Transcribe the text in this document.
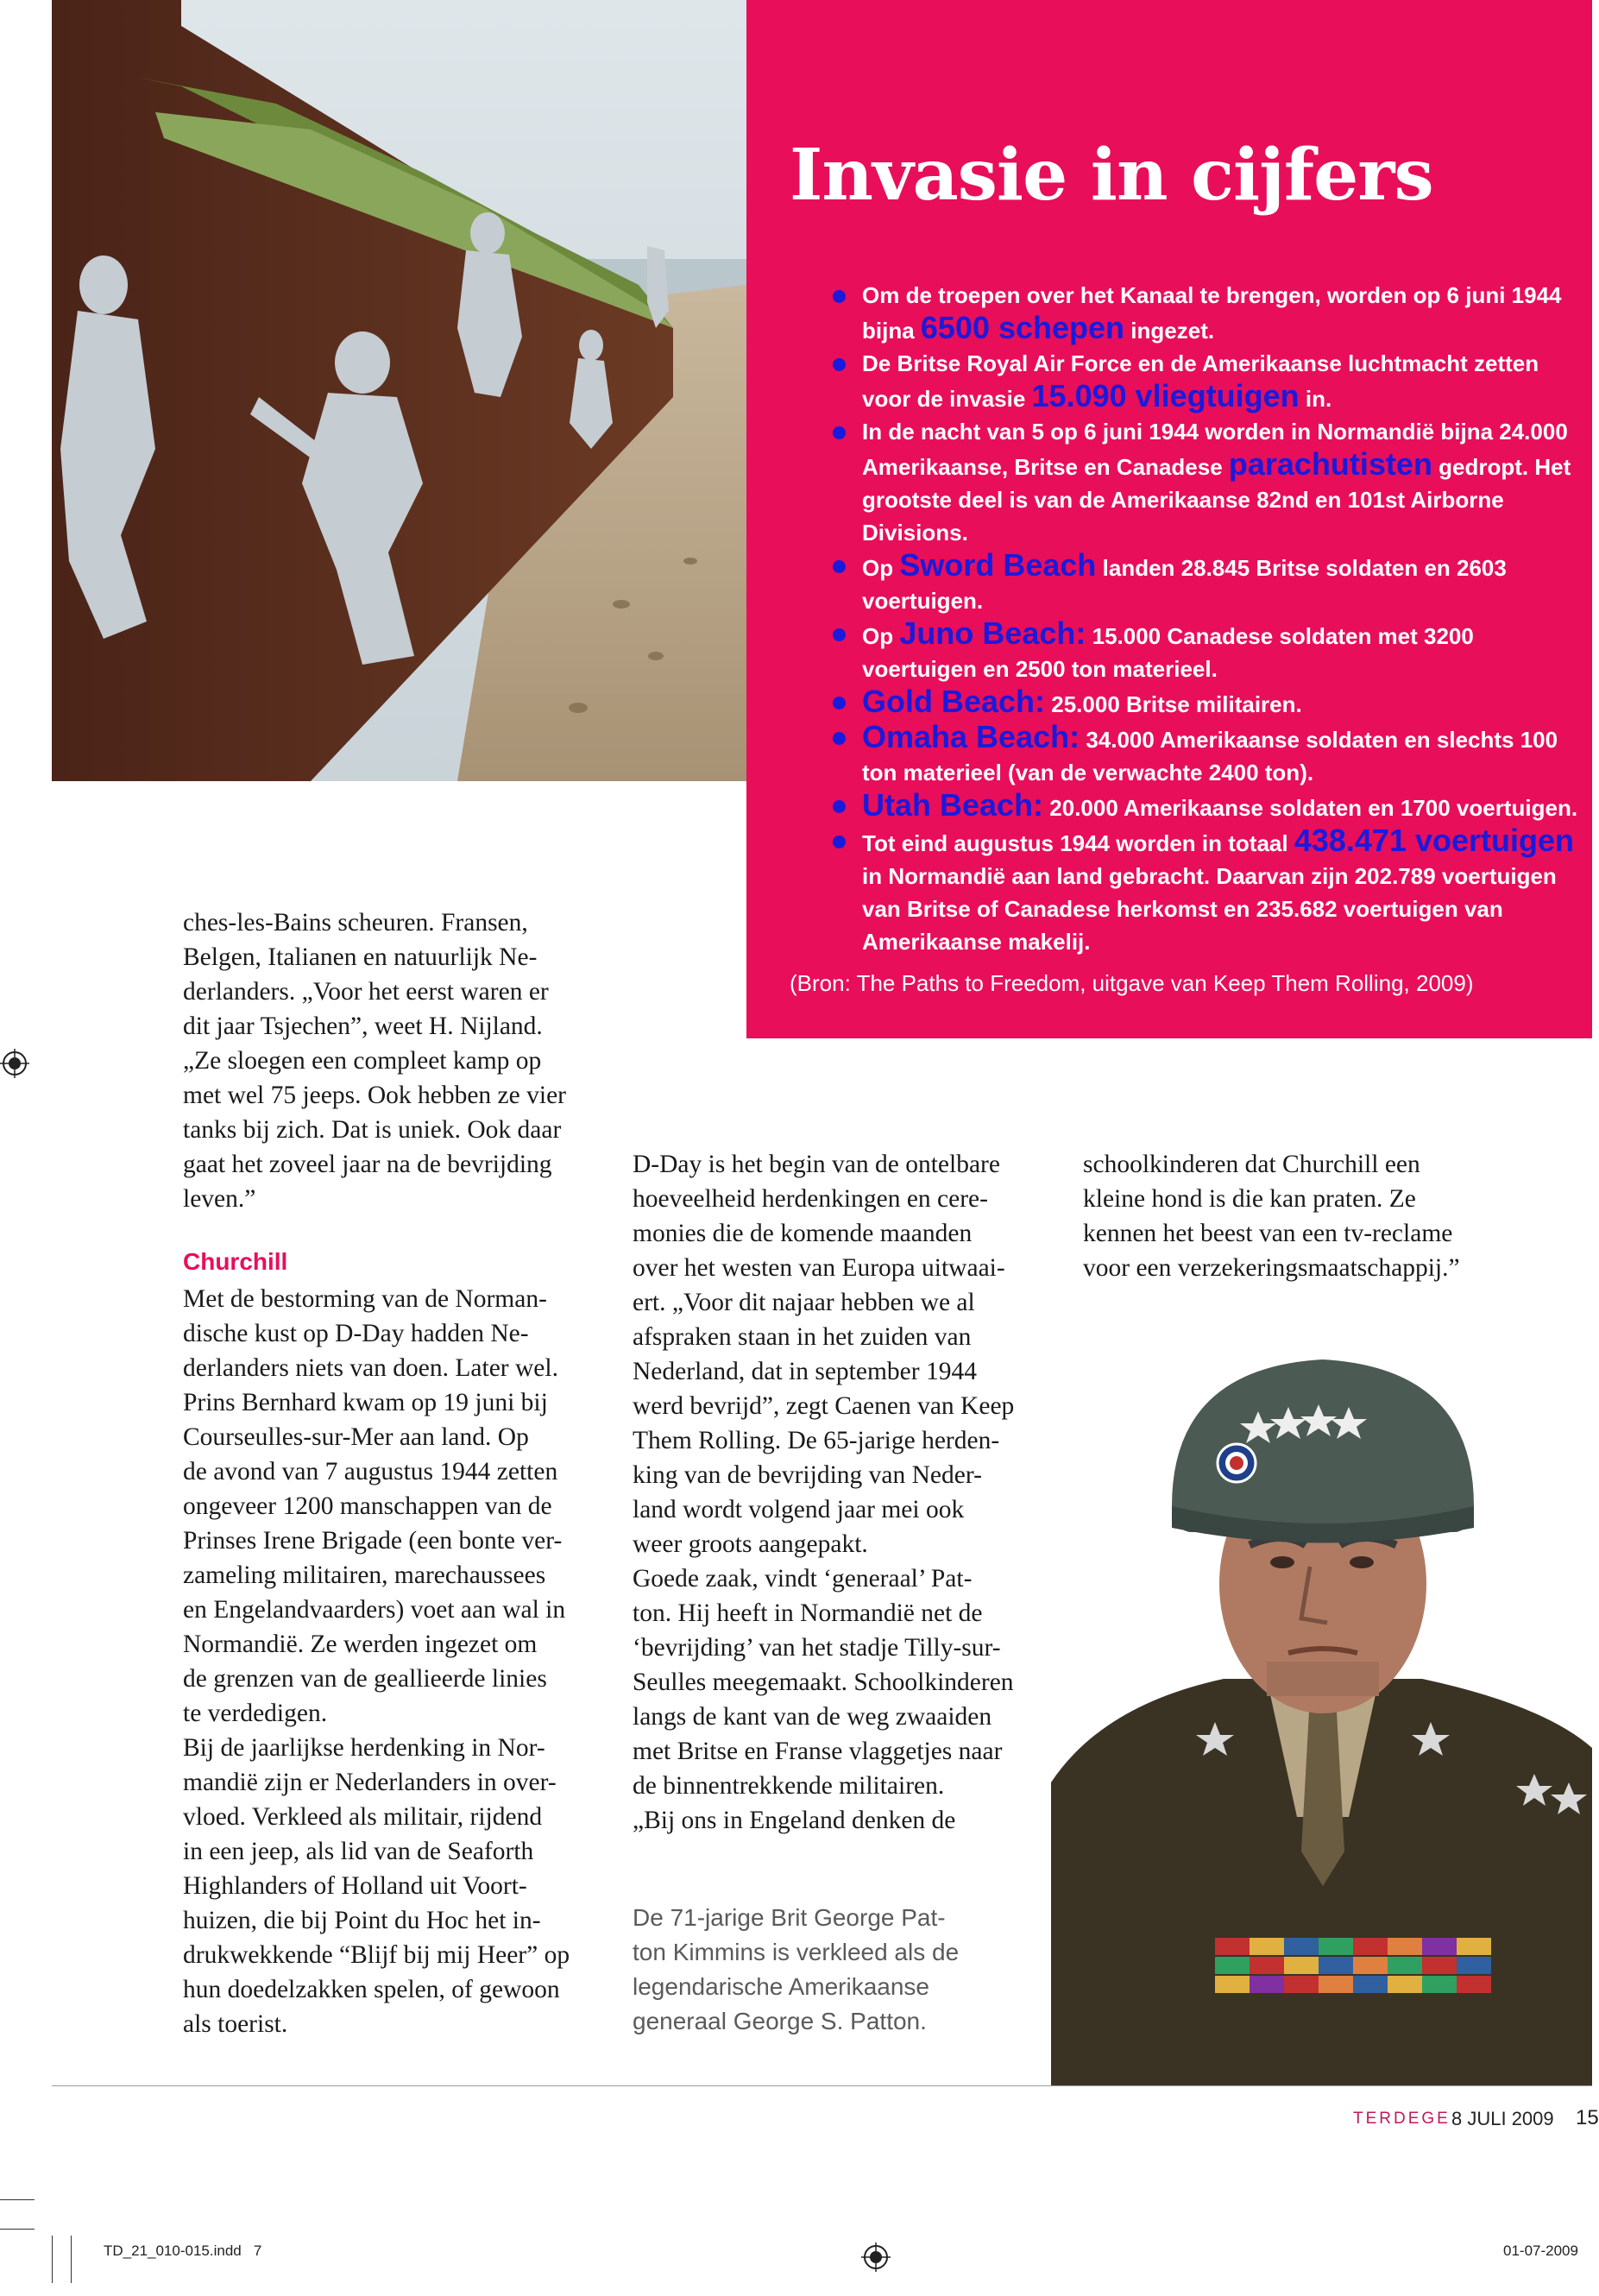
Invasie in cijfers
Om de troepen over het Kanaal te brengen, worden op 6 juni 1944 bijna 6500 schepen ingezet.
De Britse Royal Air Force en de Amerikaanse luchtmacht zetten voor de invasie 15.090 vliegtuigen in.
In de nacht van 5 op 6 juni 1944 worden in Normandië bijna 24.000 Amerikaanse, Britse en Canadese parachutisten gedropt. Het grootste deel is van de Amerikaanse 82nd en 101st Airborne Divisions.
Op Sword Beach landen 28.845 Britse soldaten en 2603 voertuigen.
Op Juno Beach: 15.000 Canadese soldaten met 3200 voertuigen en 2500 ton materieel.
Gold Beach: 25.000 Britse militairen.
Omaha Beach: 34.000 Amerikaanse soldaten en slechts 100 ton materieel (van de verwachte 2400 ton).
Utah Beach: 20.000 Amerikaanse soldaten en 1700 voertuigen.
Tot eind augustus 1944 worden in totaal 438.471 voertuigen in Normandië aan land gebracht. Daarvan zijn 202.789 voertuigen van Britse of Canadese herkomst en 235.682 voertuigen van Amerikaanse makelij.
(Bron: The Paths to Freedom, uitgave van Keep Them Rolling, 2009)

ches-les-Bains scheuren. Fransen,
Belgen, Italianen en natuurlijk Ne-
derlanders. „Voor het eerst waren er
dit jaar Tsjechen”, weet H. Nijland.
„Ze sloegen een compleet kamp op
met wel 75 jeeps. Ook hebben ze vier
tanks bij zich. Dat is uniek. Ook daar
gaat het zoveel jaar na de bevrijding
leven.”

Churchill

Met de bestorming van de Norman-
dische kust op D-Day hadden Ne-
derlanders niets van doen. Later wel.
Prins Bernhard kwam op 19 juni bij
Courseulles-sur-Mer aan land. Op
de avond van 7 augustus 1944 zetten
ongeveer 1200 manschappen van de
Prinses Irene Brigade (een bonte ver-
zameling militairen, marechaussees
en Engelandvaarders) voet aan wal in
Normandië. Ze werden ingezet om
de grenzen van de geallieerde linies
te verdedigen.
Bij de jaarlijkse herdenking in Nor-
mandië zijn er Nederlanders in over-
vloed. Verkleed als militair, rijdend
in een jeep, als lid van de Seaforth
Highlanders of Holland uit Voort-
huizen, die bij Point du Hoc het in-
drukwekkende “Blijf bij mij Heer” op
hun doedelzakken spelen, of gewoon
als toerist.

D-Day is het begin van de ontelbare
hoeveelheid herdenkingen en cere-
monies die de komende maanden
over het westen van Europa uitwaai-
ert. „Voor dit najaar hebben we al
afspraken staan in het zuiden van
Nederland, dat in september 1944
werd bevrijd”, zegt Caenen van Keep
Them Rolling. De 65-jarige herden-
king van de bevrijding van Neder-
land wordt volgend jaar mei ook
weer groots aangepakt.
Goede zaak, vindt ‘generaal’ Pat-
ton. Hij heeft in Normandië net de
‘bevrijding’ van het stadje Tilly-sur-
Seulles meegemaakt. Schoolkinderen
langs de kant van de weg zwaaiden
met Britse en Franse vlaggetjes naar
de binnentrekkende militairen.
„Bij ons in Engeland denken de

schoolkinderen dat Churchill een
kleine hond is die kan praten. Ze
kennen het beest van een tv-reclame
voor een verzekeringsmaatschappij.”

De 71-jarige Brit George Pat-
ton Kimmins is verkleed als de
legendarische Amerikaanse
generaal George S. Patton.

TERDEGE 8 JULI 2009 15
TD_21_010-015.indd   7	01-07-2009
